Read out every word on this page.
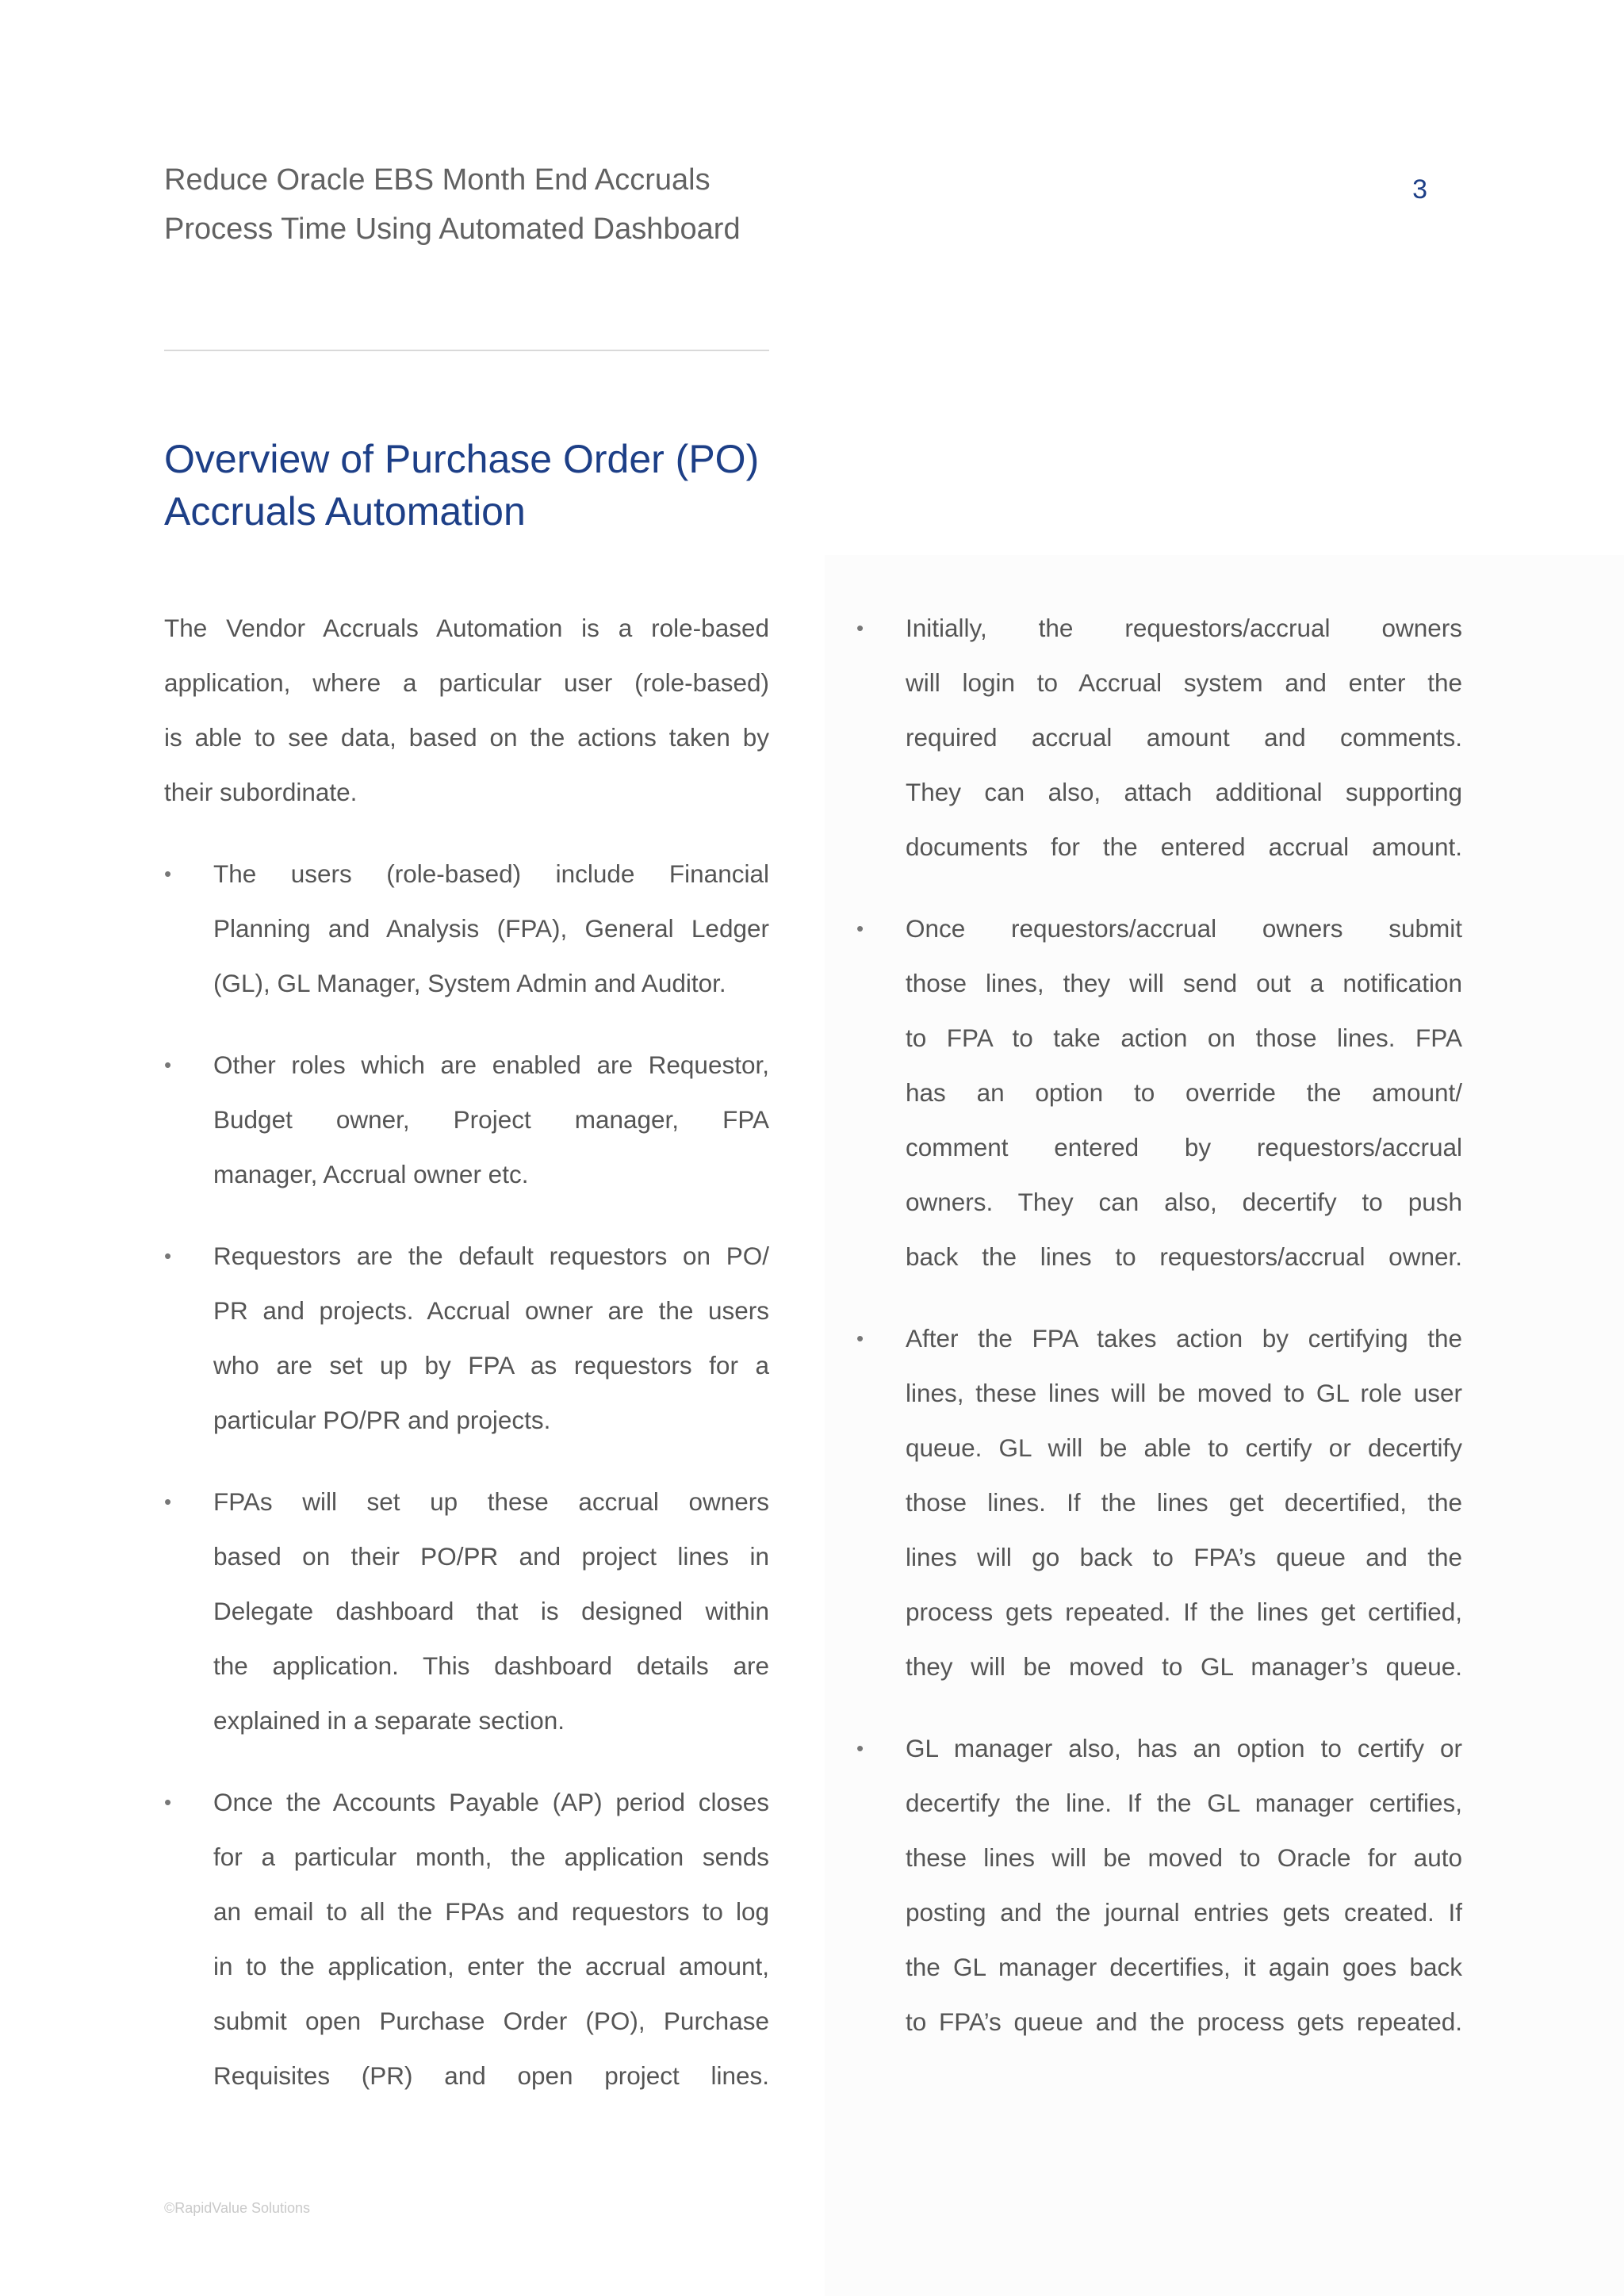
Reduce Oracle EBS Month End Accruals
Process Time Using Automated Dashboard
3
Overview of Purchase Order (PO)
Accruals Automation
The Vendor Accruals Automation is a role-based
application, where a particular user (role-based)
is able to see data, based on the actions taken by
their subordinate.
• The users (role-based) include Financial
Planning and Analysis (FPA), General Ledger
(GL), GL Manager, System Admin and Auditor.
• Other roles which are enabled are Requestor,
Budget owner, Project manager, FPA
manager, Accrual owner etc.
• Requestors are the default requestors on PO/
PR and projects. Accrual owner are the users
who are set up by FPA as requestors for a
particular PO/PR and projects.
• FPAs will set up these accrual owners
based on their PO/PR and project lines in
Delegate dashboard that is designed within
the application. This dashboard details are
explained in a separate section.
• Once the Accounts Payable (AP) period closes
for a particular month, the application sends
an email to all the FPAs and requestors to log
in to the application, enter the accrual amount,
submit open Purchase Order (PO), Purchase
Requisites (PR) and open project lines.
• Initially, the requestors/accrual owners
will login to Accrual system and enter the
required accrual amount and comments.
They can also, attach additional supporting
documents for the entered accrual amount.
• Once requestors/accrual owners submit
those lines, they will send out a notification
to FPA to take action on those lines. FPA
has an option to override the amount/
comment entered by requestors/accrual
owners. They can also, decertify to push
back the lines to requestors/accrual owner.
• After the FPA takes action by certifying the
lines, these lines will be moved to GL role user
queue. GL will be able to certify or decertify
those lines. If the lines get decertified, the
lines will go back to FPA’s queue and the
process gets repeated. If the lines get certified,
they will be moved to GL manager’s queue.
• GL manager also, has an option to certify or
decertify the line. If the GL manager certifies,
these lines will be moved to Oracle for auto
posting and the journal entries gets created. If
the GL manager decertifies, it again goes back
to FPA’s queue and the process gets repeated.
©RapidValue Solutions
